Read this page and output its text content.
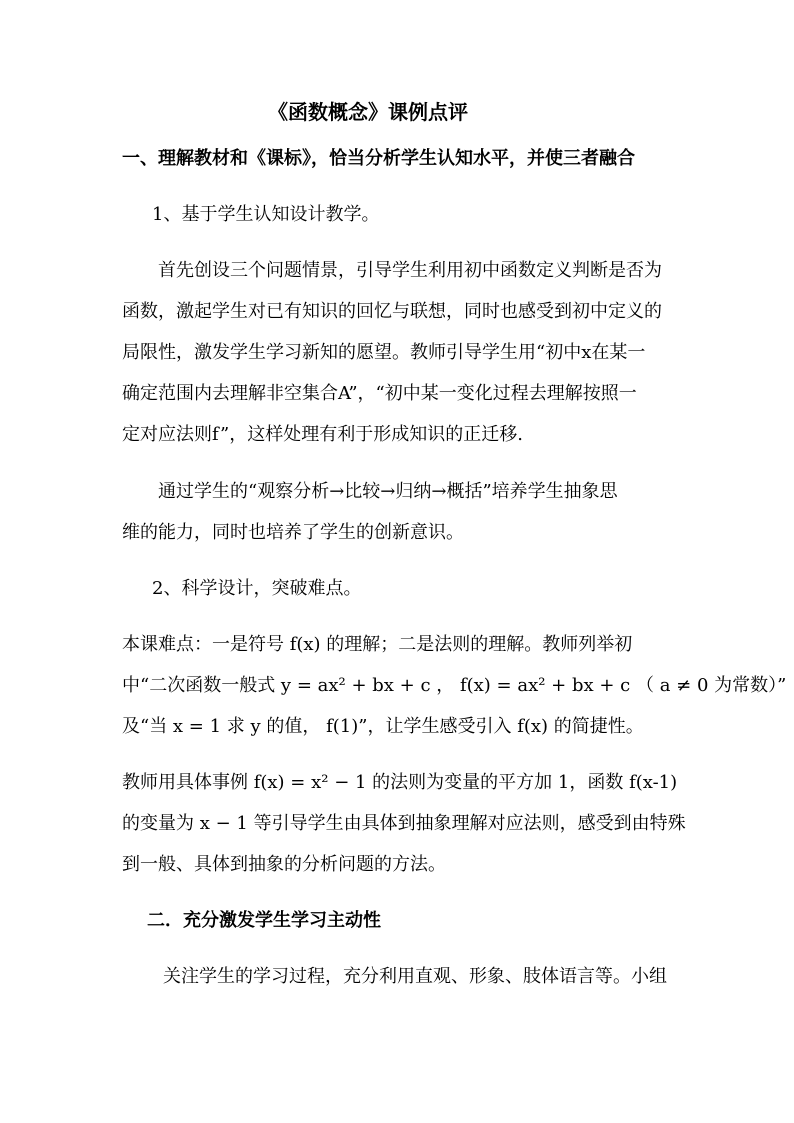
《函数概念》课例点评
一、理解教材和《课标》，恰当分析学生认知水平，并使三者融合
1、基于学生认知设计教学。
首先创设三个问题情景，引导学生利用初中函数定义判断是否为
函数，激起学生对已有知识的回忆与联想，同时也感受到初中定义的
局限性，激发学生学习新知的愿望。教师引导学生用“初中x在某一
确定范围内去理解非空集合A”，“初中某一变化过程去理解按照一
定对应法则f”，这样处理有利于形成知识的正迁移.
通过学生的“观察分析→比较→归纳→概括”培养学生抽象思
维的能力，同时也培养了学生的创新意识。
2、科学设计，突破难点。
本课难点：一是符号 f(x) 的理解；二是法则的理解。教师列举初
中“二次函数一般式 y = ax² + bx + c ， f(x) = ax² + bx + c （ a ≠ 0 为常数）”
及“当 x = 1 求 y 的值， f(1)”，让学生感受引入 f(x) 的简捷性。
教师用具体事例 f(x) = x² − 1 的法则为变量的平方加 1，函数 f(x-1)
的变量为 x − 1 等引导学生由具体到抽象理解对应法则，感受到由特殊
到一般、具体到抽象的分析问题的方法。
二．充分激发学生学习主动性
关注学生的学习过程，充分利用直观、形象、肢体语言等。小组
